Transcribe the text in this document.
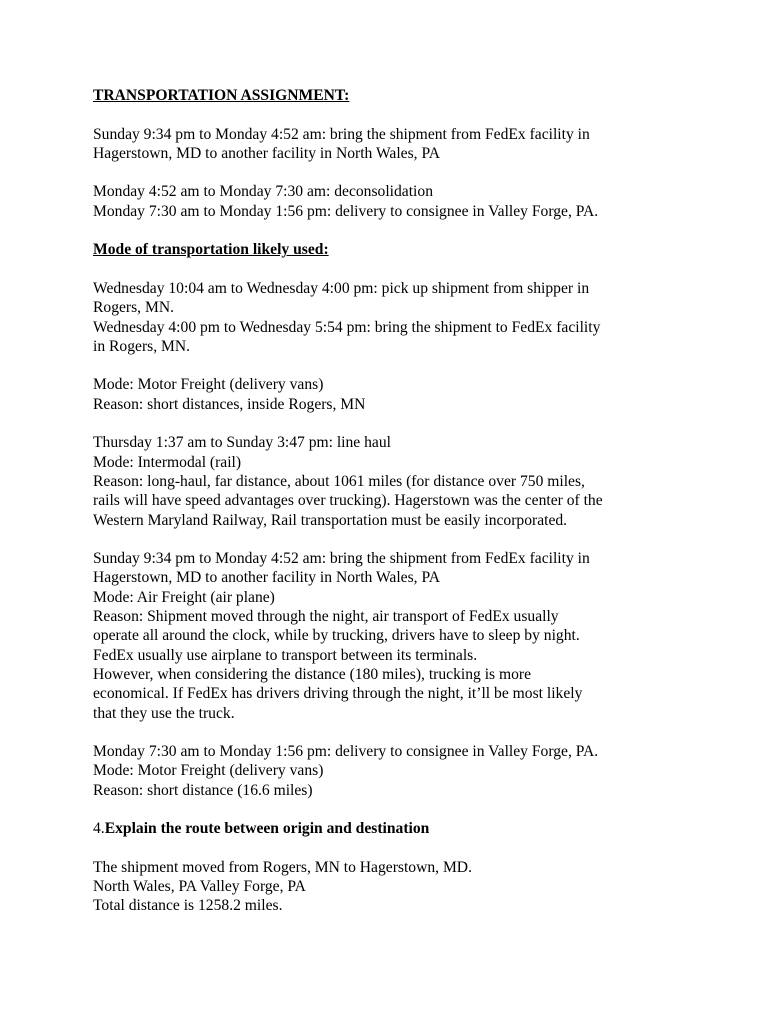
TRANSPORTATION ASSIGNMENT:
Sunday 9:34 pm to Monday 4:52 am: bring the shipment from FedEx facility in
Hagerstown, MD to another facility in North Wales, PA
Monday 4:52 am to Monday 7:30 am: deconsolidation
Monday 7:30 am to Monday 1:56 pm: delivery to consignee in Valley Forge, PA.
Mode of transportation likely used:
Wednesday 10:04 am to Wednesday 4:00 pm: pick up shipment from shipper in
Rogers, MN.
Wednesday 4:00 pm to Wednesday 5:54 pm: bring the shipment to FedEx facility
in Rogers, MN.
Mode: Motor Freight (delivery vans)
Reason: short distances, inside Rogers, MN
Thursday 1:37 am to Sunday 3:47 pm: line haul
Mode: Intermodal (rail)
Reason: long-haul, far distance, about 1061 miles (for distance over 750 miles,
rails will have speed advantages over trucking). Hagerstown was the center of the
Western Maryland Railway, Rail transportation must be easily incorporated.
Sunday 9:34 pm to Monday 4:52 am: bring the shipment from FedEx facility in
Hagerstown, MD to another facility in North Wales, PA
Mode: Air Freight (air plane)
Reason: Shipment moved through the night, air transport of FedEx usually
operate all around the clock, while by trucking, drivers have to sleep by night.
FedEx usually use airplane to transport between its terminals.
However, when considering the distance (180 miles), trucking is more
economical. If FedEx has drivers driving through the night, it’ll be most likely
that they use the truck.
Monday 7:30 am to Monday 1:56 pm: delivery to consignee in Valley Forge, PA.
Mode: Motor Freight (delivery vans)
Reason: short distance (16.6 miles)
4.Explain the route between origin and destination
The shipment moved from Rogers, MN to Hagerstown, MD.
North Wales, PA Valley Forge, PA
Total distance is 1258.2 miles.
